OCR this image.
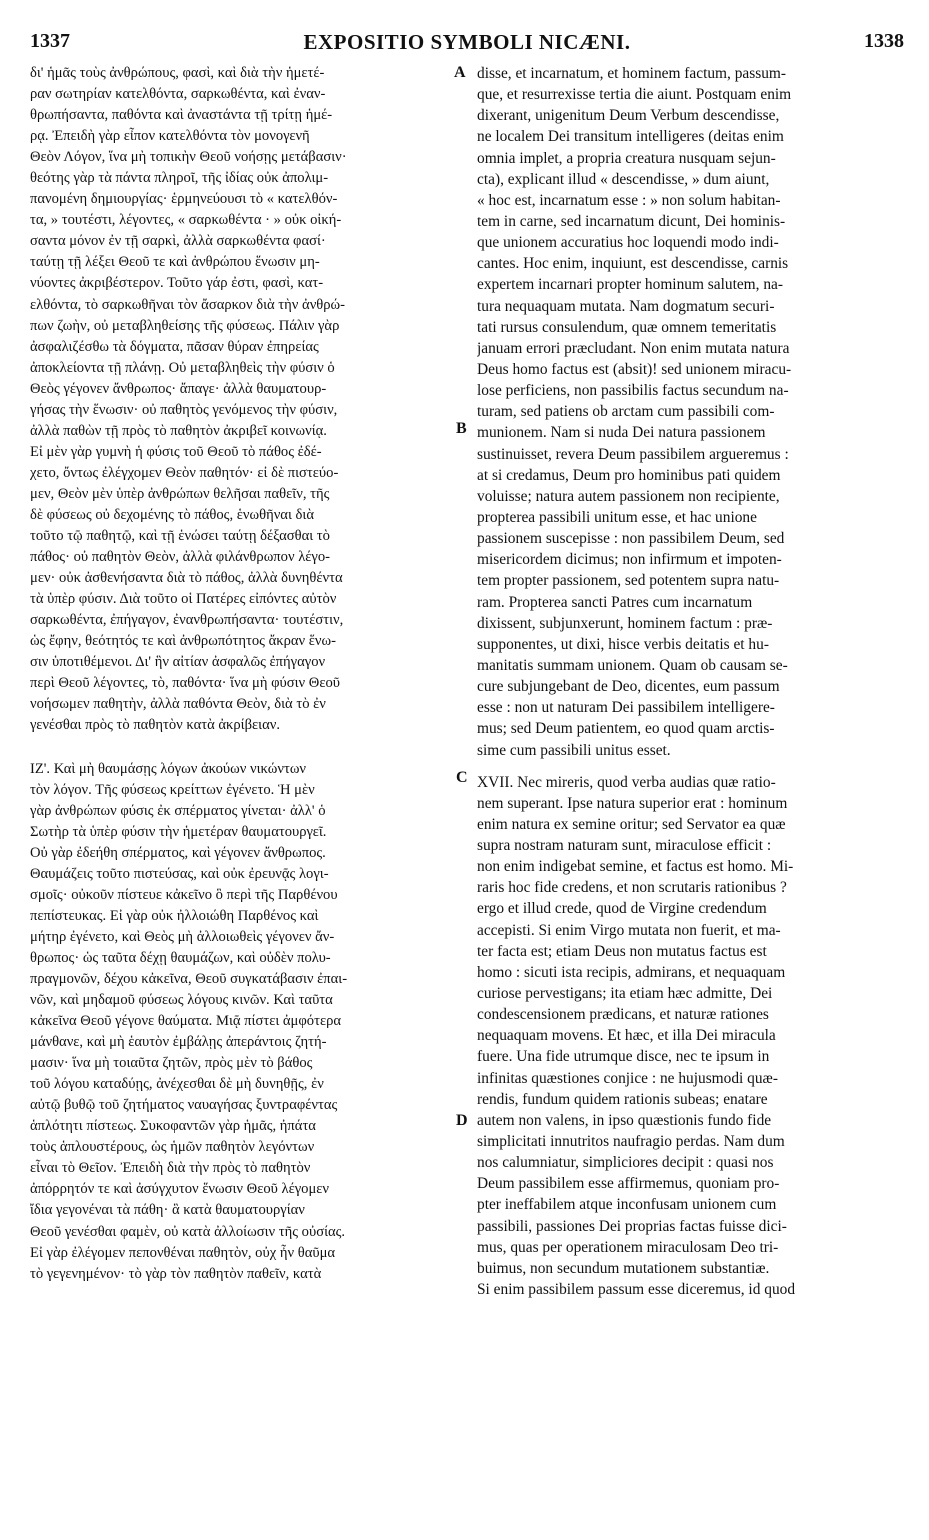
1337	EXPOSITIO SYMBOLI NICÆNI.	1338
A
B
C
D
δι' ἡμᾶς τοὺς ἀνθρώπους, φασὶ, καὶ διὰ τὴν ἡμετέ-
ραν σωτηρίαν κατελθόντα, σαρκωθέντα, καὶ ἐναν-
θρωπήσαντα, παθόντα καὶ ἀναστάντα τῇ τρίτῃ ἡμέ-
ρᾳ. Ἐπειδὴ γὰρ εἶπον κατελθόντα τὸν μονογενῆ
Θεὸν Λόγον, ἵνα μὴ τοπικὴν Θεοῦ νοήσῃς μετάβασιν·
θεότης γὰρ τὰ πάντα πληροῖ, τῆς ἰδίας οὐκ ἀπολιμ-
πανομένη δημιουργίας· ἑρμηνεύουσι τὸ « κατελθόν-
τα, » τουτέστι, λέγοντες, « σαρκωθέντα · » οὐκ οἰκή-
σαντα μόνον ἐν τῇ σαρκὶ, ἀλλὰ σαρκωθέντα φασί·
ταύτῃ τῇ λέξει Θεοῦ τε καὶ ἀνθρώπου ἕνωσιν μη-
νύοντες ἀκριβέστερον. Τοῦτο γάρ ἐστι, φασὶ, κατ-
ελθόντα, τὸ σαρκωθῆναι τὸν ἄσαρκον διὰ τὴν ἀνθρώ-
πων ζωὴν, οὐ μεταβληθείσης τῆς φύσεως. Πάλιν γὰρ
ἀσφαλιζέσθω τὰ δόγματα, πᾶσαν θύραν ἐπηρείας
ἀποκλείοντα τῇ πλάνῃ. Οὐ μεταβληθεὶς τὴν φύσιν ὁ
Θεὸς γέγονεν ἄνθρωπος· ἄπαγε· ἀλλὰ θαυματουρ-
γήσας τὴν ἕνωσιν· οὐ παθητὸς γενόμενος τὴν φύσιν,
ἀλλὰ παθὼν τῇ πρὸς τὸ παθητὸν ἀκριβεῖ κοινωνίᾳ.
Εἰ μὲν γὰρ γυμνὴ ἡ φύσις τοῦ Θεοῦ τὸ πάθος ἐδέ-
χετο, ὄντως ἐλέγχομεν Θεὸν παθητόν· εἰ δὲ πιστεύο-
μεν, Θεὸν μὲν ὑπὲρ ἀνθρώπων θελῆσαι παθεῖν, τῆς
δὲ φύσεως οὐ δεχομένης τὸ πάθος, ἑνωθῆναι διὰ
τοῦτο τῷ παθητῷ, καὶ τῇ ἑνώσει ταύτῃ δέξασθαι τὸ
πάθος· οὐ παθητὸν Θεὸν, ἀλλὰ φιλάνθρωπον λέγο-
μεν· οὐκ ἀσθενήσαντα διὰ τὸ πάθος, ἀλλὰ δυνηθέντα
τὰ ὑπὲρ φύσιν. Διὰ τοῦτο οἱ Πατέρες εἰπόντες αὐτὸν
σαρκωθέντα, ἐπήγαγον, ἐνανθρωπήσαντα· τουτέστιν,
ὡς ἔφην, θεότητός τε καὶ ἀνθρωπότητος ἄκραν ἕνω-
σιν ὑποτιθέμενοι. Δι' ἣν αἰτίαν ἀσφαλῶς ἐπήγαγον
περὶ Θεοῦ λέγοντες, τὸ, παθόντα· ἵνα μὴ φύσιν Θεοῦ
νοήσωμεν παθητὴν, ἀλλὰ παθόντα Θεὸν, διὰ τὸ ἐν
γενέσθαι πρὸς τὸ παθητὸν κατὰ ἀκρίβειαν.
ΙΖ'. Καὶ μὴ θαυμάσῃς λόγων ἀκούων νικώντων
τὸν λόγον. Τῆς φύσεως κρείττων ἐγένετο. Ἡ μὲν
γὰρ ἀνθρώπων φύσις ἐκ σπέρματος γίνεται· ἀλλ' ὁ
Σωτὴρ τὰ ὑπὲρ φύσιν τὴν ἡμετέραν θαυματουργεῖ.
Οὐ γὰρ ἐδεήθη σπέρματος, καὶ γέγονεν ἄνθρωπος.
Θαυμάζεις τοῦτο πιστεύσας, καὶ οὐκ ἐρευνᾷς λογι-
σμοῖς· οὐκοῦν πίστευε κἀκεῖνο ὃ περὶ τῆς Παρθένου
πεπίστευκας. Εἰ γὰρ οὐκ ἠλλοιώθη Παρθένος καὶ
μήτηρ ἐγένετο, καὶ Θεὸς μὴ ἀλλοιωθεὶς γέγονεν ἄν-
θρωπος· ὡς ταῦτα δέχῃ θαυμάζων, καὶ οὐδὲν πολυ-
πραγμονῶν, δέχου κἀκεῖνα, Θεοῦ συγκατάβασιν ἐπαι-
νῶν, καὶ μηδαμοῦ φύσεως λόγους κινῶν. Καὶ ταῦτα
κἀκεῖνα Θεοῦ γέγονε θαύματα. Μιᾷ πίστει ἀμφότερα
μάνθανε, καὶ μὴ ἑαυτὸν ἐμβάλῃς ἀπεράντοις ζητή-
μασιν· ἵνα μὴ τοιαῦτα ζητῶν, πρὸς μὲν τὸ βάθος
τοῦ λόγου καταδύῃς, ἀνέχεσθαι δὲ μὴ δυνηθῇς, ἐν
αὐτῷ βυθῷ τοῦ ζητήματος ναυαγήσας ξυντραφέντας
ἁπλότητι πίστεως. Συκοφαντῶν γὰρ ἡμᾶς, ἠπάτα
τοὺς ἁπλουστέρους, ὡς ἡμῶν παθητὸν λεγόντων
εἶναι τὸ Θεῖον. Ἐπειδὴ διὰ τὴν πρὸς τὸ παθητὸν
ἀπόρρητόν τε καὶ ἀσύγχυτον ἕνωσιν Θεοῦ λέγομεν
ἴδια γεγονέναι τὰ πάθη· ἃ κατὰ θαυματουργίαν
Θεοῦ γενέσθαι φαμὲν, οὐ κατὰ ἀλλοίωσιν τῆς οὐσίας.
Εἰ γὰρ ἐλέγομεν πεπονθέναι παθητὸν, οὐχ ἦν θαῦμα
τὸ γεγενημένον· τὸ γὰρ τὸν παθητὸν παθεῖν, κατὰ
disse, et incarnatum, et hominem factum, passum-
que, et resurrexisse tertia die aiunt. Postquam enim
dixerant, unigenitum Deum Verbum descendisse,
ne localem Dei transitum intelligeres (deitas enim
omnia implet, a propria creatura nusquam sejun-
cta), explicant illud « descendisse, » dum aiunt,
« hoc est, incarnatum esse : » non solum habitan-
tem in carne, sed incarnatum dicunt, Dei hominis-
que unionem accuratius hoc loquendi modo indi-
cantes. Hoc enim, inquiunt, est descendisse, carnis
expertem incarnari propter hominum salutem, na-
tura nequaquam mutata. Nam dogmatum securi-
tati rursus consulendum, quæ omnem temeritatis
januam errori præcludant. Non enim mutata natura
Deus homo factus est (absit)! sed unionem miracu-
lose perficiens, non passibilis factus secundum na-
turam, sed patiens ob arctam cum passibili com-
munionem. Nam si nuda Dei natura passionem
sustinuisset, revera Deum passibilem argueremus :
at si credamus, Deum pro hominibus pati quidem
voluisse; natura autem passionem non recipiente,
propterea passibili unitum esse, et hac unione
passionem suscepisse : non passibilem Deum, sed
misericordem dicimus; non infirmum et impoten-
tem propter passionem, sed potentem supra natu-
ram. Propterea sancti Patres cum incarnatum
dixissent, subjunxerunt, hominem factum : præ-
supponentes, ut dixi, hisce verbis deitatis et hu-
manitatis summam unionem. Quam ob causam se-
cure subjungebant de Deo, dicentes, eum passum
esse : non ut naturam Dei passibilem intelligere-
mus; sed Deum patientem, eo quod quam arctis-
sime cum passibili unitus esset.
XVII. Nec mireris, quod verba audias quæ ratio-
nem superant. Ipse natura superior erat : hominum
enim natura ex semine oritur; sed Servator ea quæ
supra nostram naturam sunt, miraculose efficit :
non enim indigebat semine, et factus est homo. Mi-
raris hoc fide credens, et non scrutaris rationibus ?
ergo et illud crede, quod de Virgine credendum
accepisti. Si enim Virgo mutata non fuerit, et ma-
ter facta est; etiam Deus non mutatus factus est
homo : sicuti ista recipis, admirans, et nequaquam
curiose pervestigans; ita etiam hæc admitte, Dei
condescensionem prædicans, et naturæ rationes
nequaquam movens. Et hæc, et illa Dei miracula
fuere. Una fide utrumque disce, nec te ipsum in
infinitas quæstiones conjice : ne hujusmodi quæ-
rendis, fundum quidem rationis subeas; enatare
autem non valens, in ipso quæstionis fundo fide
simplicitati innutritos naufragio perdas. Nam dum
nos calumniatur, simpliciores decipit : quasi nos
Deum passibilem esse affirmemus, quoniam pro-
pter ineffabilem atque inconfusam unionem cum
passibili, passiones Dei proprias factas fuisse dici-
mus, quas per operationem miraculosam Deo tri-
buimus, non secundum mutationem substantiæ.
Si enim passibilem passum esse diceremus, id quod
